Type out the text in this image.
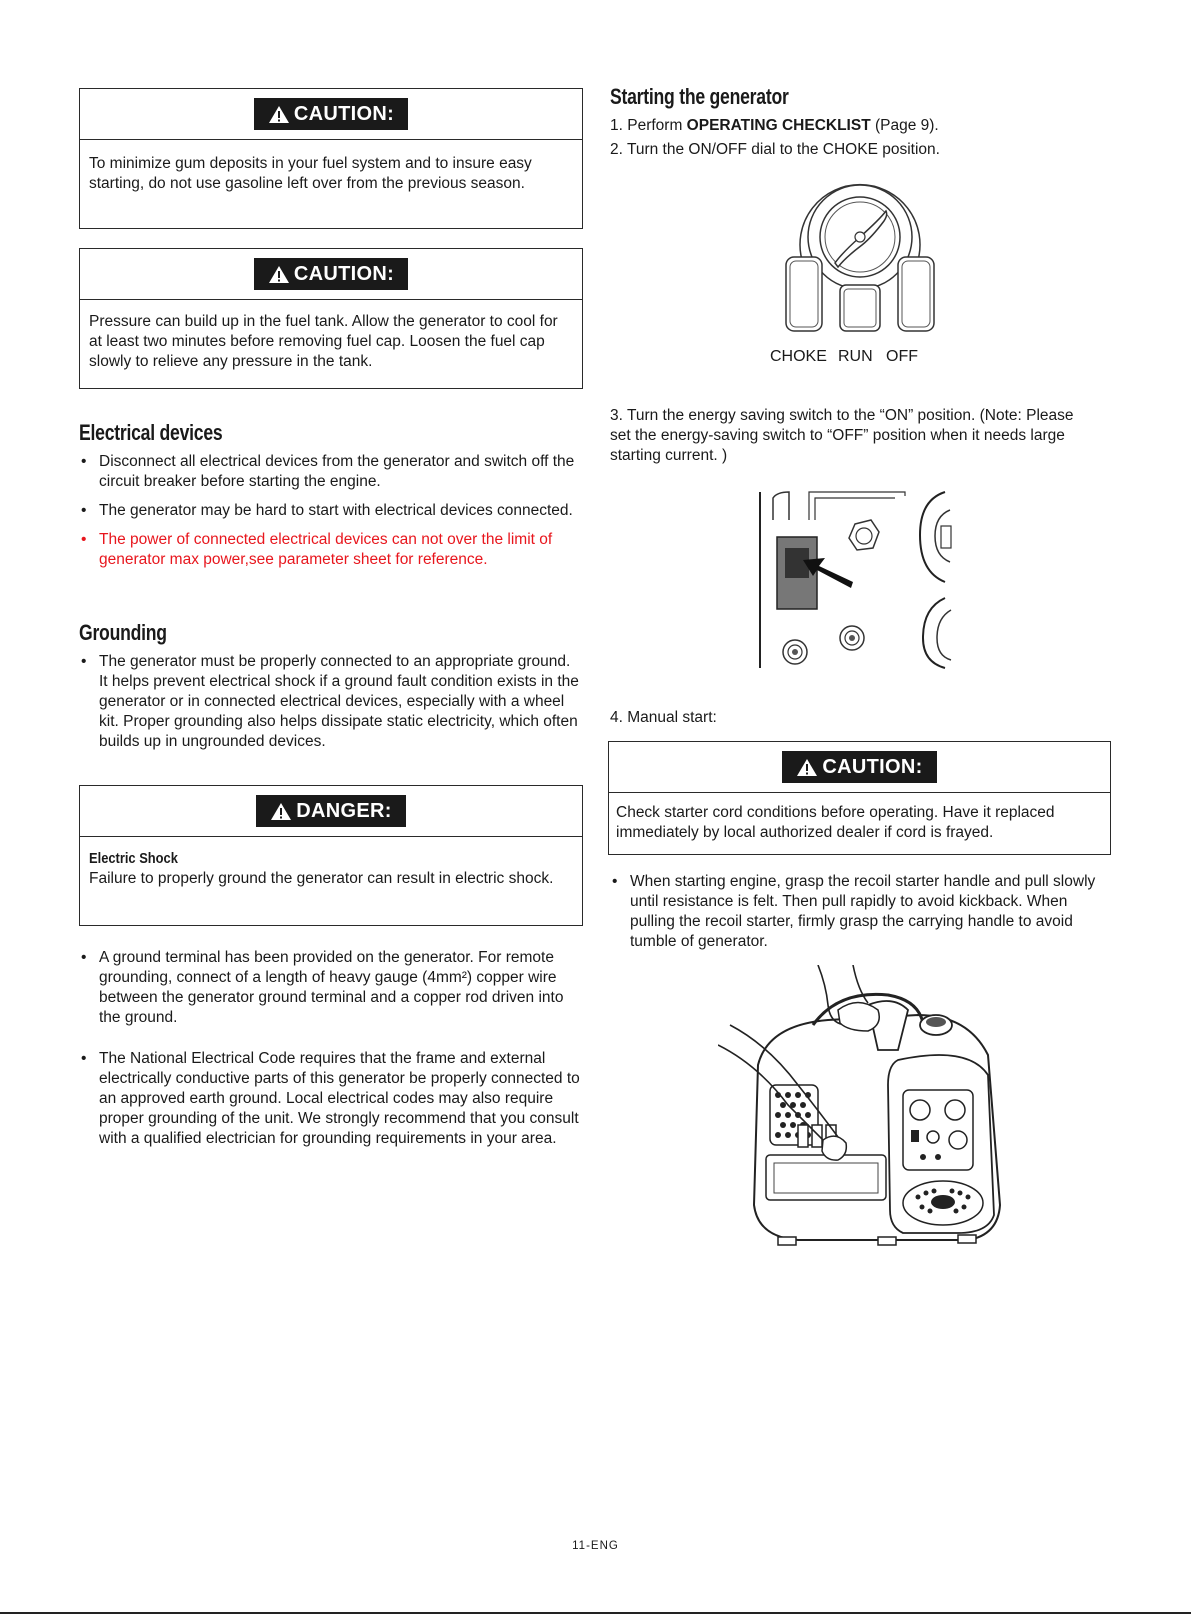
CAUTION:

To minimize gum deposits in your fuel system and to insure easy starting, do not use gasoline left over from the previous season.

CAUTION:

Pressure can build up in the fuel tank. Allow the generator to cool for at least two minutes before removing fuel cap. Loosen the fuel cap slowly to relieve any pressure in the tank.

Electrical devices
• Disconnect all electrical devices from the generator and switch off the circuit breaker before starting the engine.
• The generator may be hard to start with electrical devices connected.
• The power of connected electrical devices can not over the limit of generator max power,see parameter sheet for reference.
Grounding
• The generator must be properly connected to an appropriate ground. It helps prevent electrical shock if a ground fault condition exists in the generator or in connected electrical devices, especially with a wheel kit. Proper grounding also helps dissipate static electricity, which often builds up in ungrounded devices.
DANGER:

Electric Shock

Failure to properly ground the generator can result in electric shock.

• A ground terminal has been provided on the generator. For remote grounding, connect of a length of heavy gauge (4mm²) copper wire between the generator ground terminal and a copper rod driven into the ground.
• The National Electrical Code requires that the frame and external electrically conductive parts of this generator be properly connected to an approved earth ground. Local electrical codes may also require proper grounding of the unit. We strongly recommend that you consult with a qualified electrician for grounding requirements in your area.
Starting the generator

1. Perform OPERATING CHECKLIST (Page 9).

2. Turn the ON/OFF dial to the CHOKE position.

CHOKE RUN OFF

3. Turn the energy saving switch to the “ON” position. (Note: Please set the energy-saving switch to “OFF” position when it needs large starting current. )

4. Manual start:

CAUTION:

Check starter cord conditions before operating. Have it replaced immediately by local authorized dealer if cord is frayed.

• When starting engine, grasp the recoil starter handle and pull slowly until resistance is felt. Then pull rapidly to avoid kickback. When pulling the recoil starter, firmly grasp the carrying handle to avoid tumble of generator.
11-ENG
